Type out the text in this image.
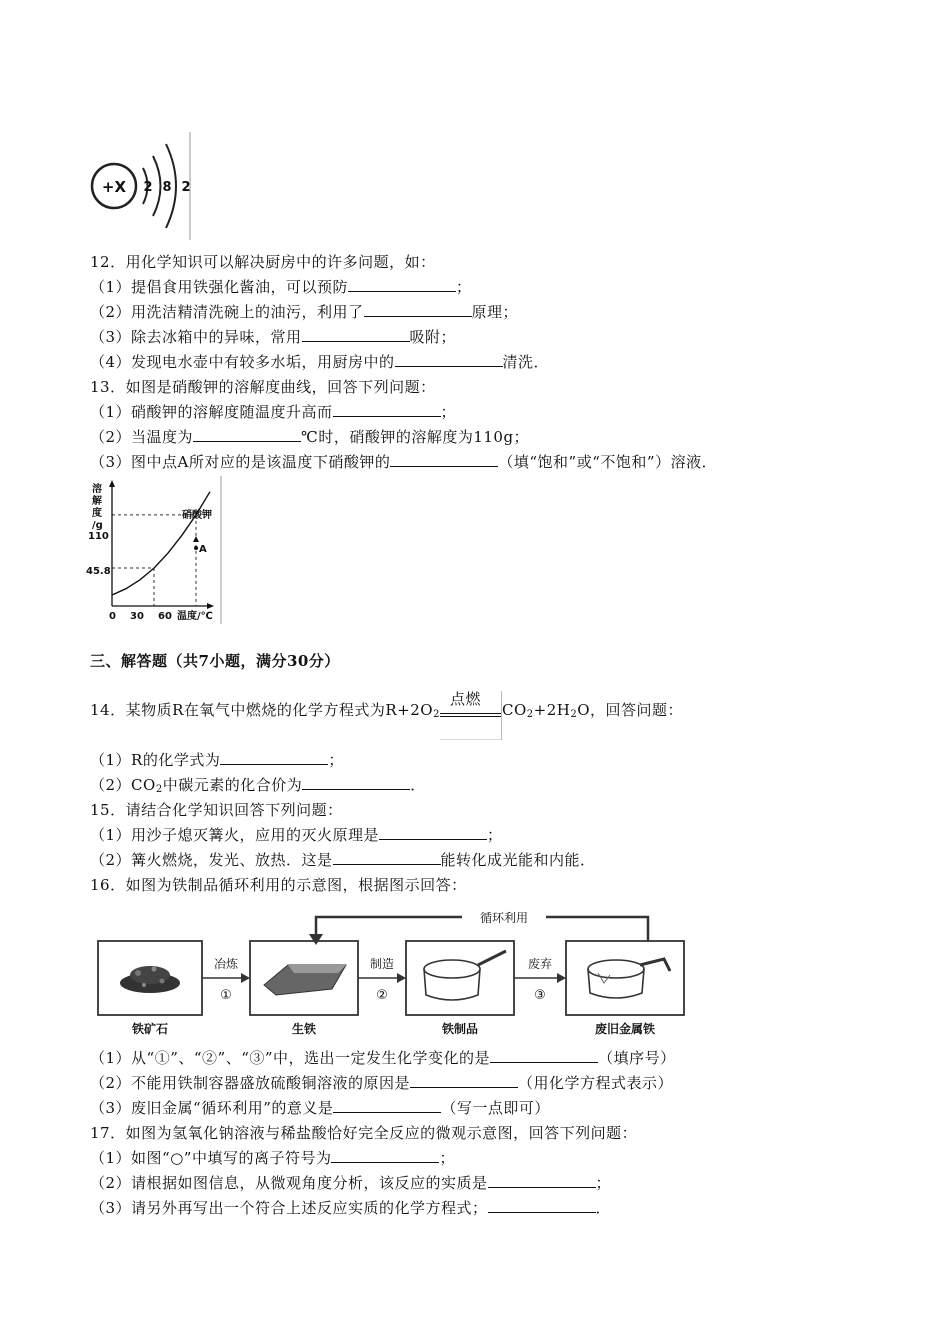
+X 2 8 2
12．用化学知识可以解决厨房中的许多问题，如：
（1）提倡食用铁强化酱油，可以预防	；
（2）用洗洁精清洗碗上的油污，利用了	原理；
（3）除去冰箱中的异味，常用	吸附；
（4）发现电水壶中有较多水垢，用厨房中的	清洗．
13．如图是硝酸钾的溶解度曲线，回答下列问题：
（1）硝酸钾的溶解度随温度升高而	；
（2）当温度为	℃时，硝酸钾的溶解度为110g；
（3）图中点A所对应的是该温度下硝酸钾的	（填“饱和”或“不饱和”）溶液．
溶解度/g
110
45.8
0 30 60 温度/℃
硝酸钾
A
溶
解
度
/g
三、解答题（共7小题，满分30分）
14．某物质R在氧气中燃烧的化学方程式为$R+2O_2$
点燃
$CO_2+2H_2O$，回答问题：
（1）R的化学式为	；
$(2)CO_2$中碳元素的化合价为	．
15．请结合化学知识回答下列问题：
（1）用沙子熄灭篝火，应用的灭火原理是	；
（2）篝火燃烧，发光、放热．这是	能转化成光能和内能．
16．如图为铁制品循环利用的示意图，根据图示回答：
循环利用
铁矿石
冶炼
①
生铁
制造
②
铁制品
废弃
③
废旧金属铁
（1）从“①”、“②”、“③”中，选出一定发生化学变化的是	（填序号）
（2）不能用铁制容器盛放硫酸铜溶液的原因是	（用化学方程式表示）
（3）废旧金属“循环利用”的意义是	（写一点即可）
17．如图为氢氧化钠溶液与稀盐酸恰好完全反应的微观示意图，回答下列问题：
（1）如图“○”中填写的离子符号为	；
（2）请根据如图信息，从微观角度分析，该反应的实质是	；
（3）请另外再写出一个符合上述反应实质的化学方程式；	．
